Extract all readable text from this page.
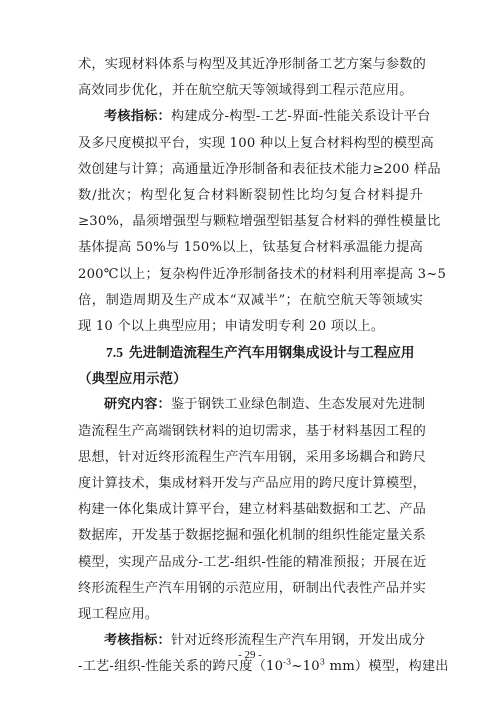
术，实现材料体系与构型及其近净形制备工艺方案与参数的
高效同步优化，并在航空航天等领域得到工程示范应用。
考核指标：构建成分-构型-工艺-界面-性能关系设计平台
及多尺度模拟平台，实现 100 种以上复合材料构型的模型高
效创建与计算；高通量近净形制备和表征技术能力≥200 样品
数/批次；构型化复合材料断裂韧性比均匀复合材料提升
≥30%，晶须增强型与颗粒增强型铝基复合材料的弹性模量比
基体提高 50%与 150%以上，钛基复合材料承温能力提高
200℃以上；复杂构件近净形制备技术的材料利用率提高 3~5
倍，制造周期及生产成本“双减半”；在航空航天等领域实
现 10 个以上典型应用；申请发明专利 20 项以上。
7.5 先进制造流程生产汽车用钢集成设计与工程应用
（典型应用示范）
研究内容：鉴于钢铁工业绿色制造、生态发展对先进制
造流程生产高端钢铁材料的迫切需求，基于材料基因工程的
思想，针对近终形流程生产汽车用钢，采用多场耦合和跨尺
度计算技术，集成材料开发与产品应用的跨尺度计算模型，
构建一体化集成计算平台，建立材料基础数据和工艺、产品
数据库，开发基于数据挖掘和强化机制的组织性能定量关系
模型，实现产品成分-工艺-组织-性能的精准预报；开展在近
终形流程生产汽车用钢的示范应用，研制出代表性产品并实
现工程应用。
考核指标：针对近终形流程生产汽车用钢，开发出成分
-工艺-组织-性能关系的跨尺度（$10^{-3}\sim 10^3$ mm）模型，构建出
- 29 -
